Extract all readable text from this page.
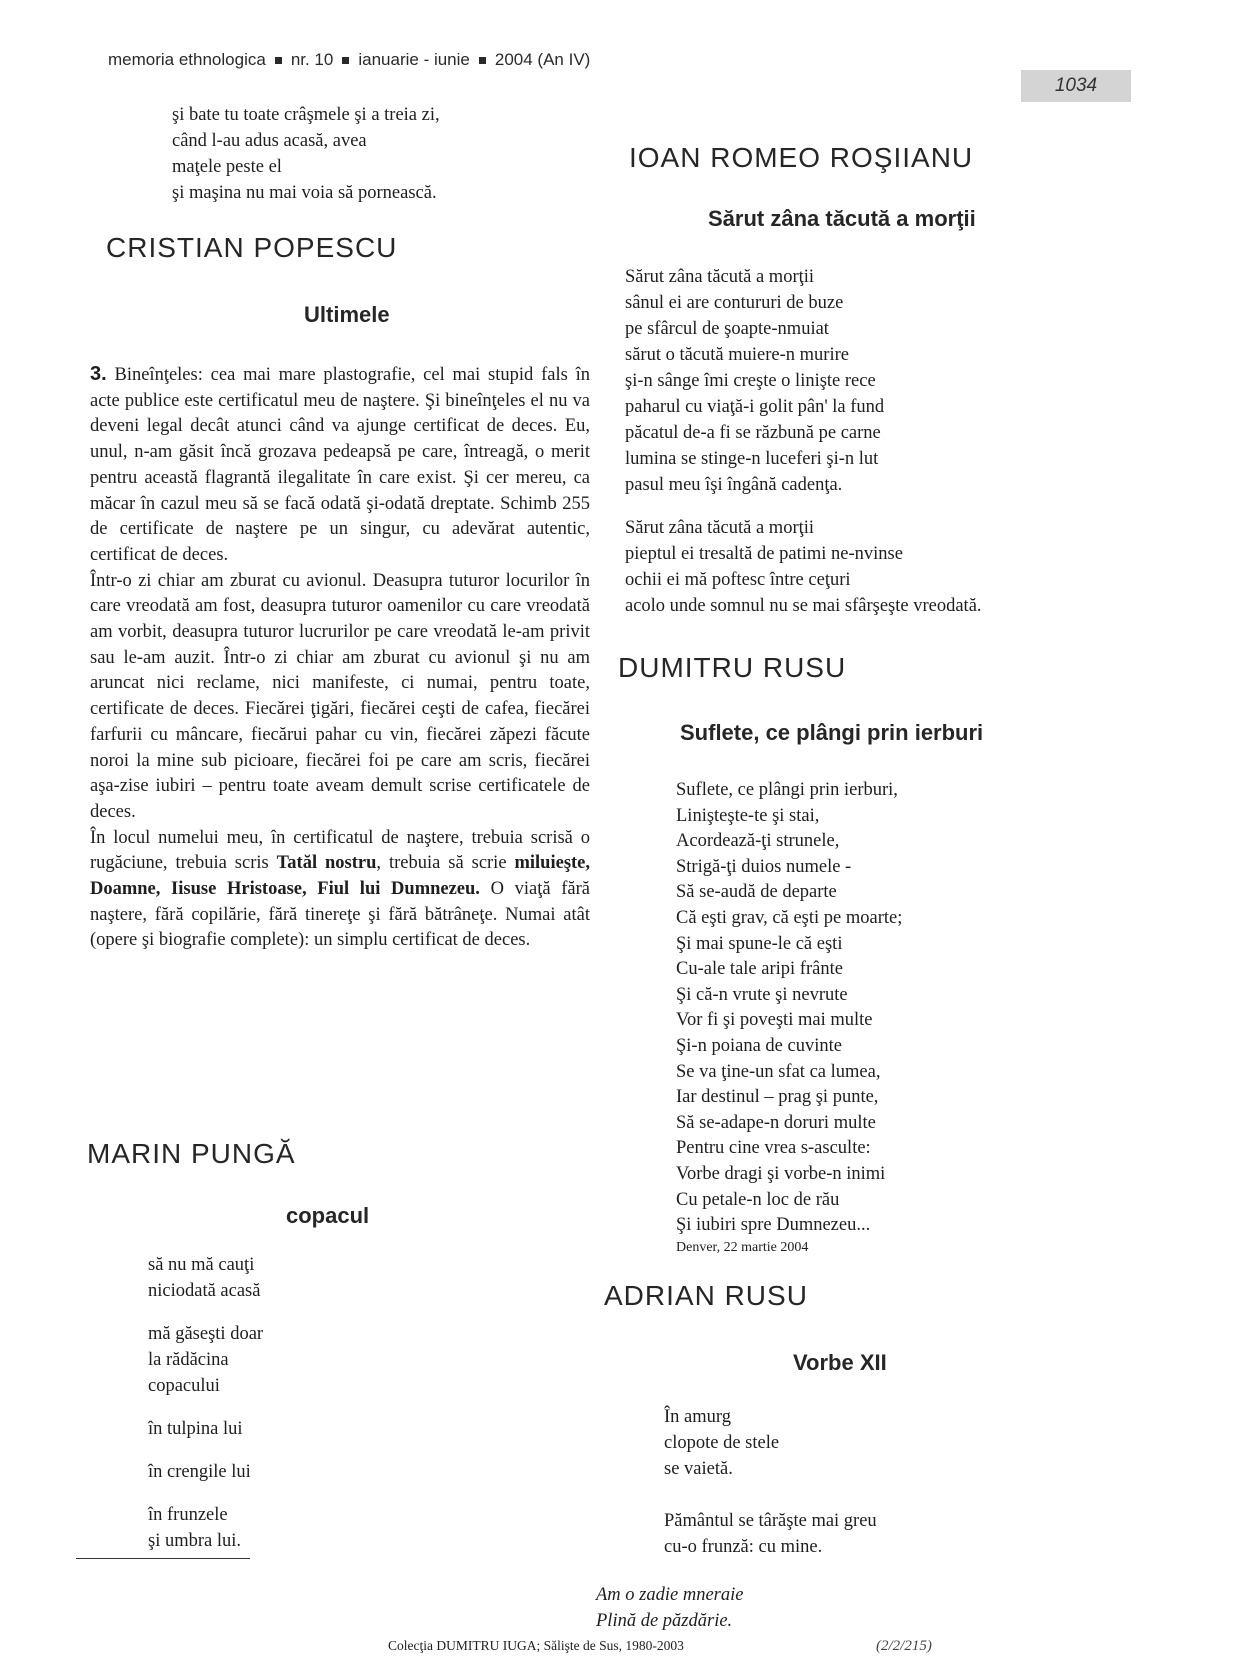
memoria ethnologica nr. 10 ianuarie - iunie 2004 (An IV)
1034
şi bate tu toate crâşmele şi a treia zi,
când l-au adus acasă, avea
maţele peste el
şi maşina nu mai voia să pornească.
CRISTIAN POPESCU
Ultimele

3. Bineînţeles: cea mai mare plastografie, cel mai stupid fals în acte publice este certificatul meu de naştere. Şi bineînţeles el nu va deveni legal decât atunci când va ajunge certificat de deces. Eu, unul, n-am găsit încă grozava pedeapsă pe care, întreagă, o merit pentru această flagrantă ilegalitate în care exist. Şi cer mereu, ca măcar în cazul meu să se facă odată şi-odată dreptate. Schimb 255 de certificate de naştere pe un singur, cu adevărat autentic, certificat de deces.

Într-o zi chiar am zburat cu avionul. Deasupra tuturor locurilor în care vreodată am fost, deasupra tuturor oamenilor cu care vreodată am vorbit, deasupra tuturor lucrurilor pe care vreodată le-am privit sau le-am auzit. Într-o zi chiar am zburat cu avionul şi nu am aruncat nici reclame, nici manifeste, ci numai, pentru toate, certificate de deces. Fiecărei ţigări, fiecărei ceşti de cafea, fiecărei farfurii cu mâncare, fiecărui pahar cu vin, fiecărei zăpezi făcute noroi la mine sub picioare, fiecărei foi pe care am scris, fiecărei aşa-zise iubiri – pentru toate aveam demult scrise certificatele de deces.

În locul numelui meu, în certificatul de naştere, trebuia scrisă o rugăciune, trebuia scris Tatăl nostru, trebuia să scrie miluieşte, Doamne, Iisuse Hristoase, Fiul lui Dumnezeu. O viaţă fără naştere, fără copilărie, fără tinereţe şi fără bătrâneţe. Numai atât (opere şi biografie complete): un simplu certificat de deces.

MARIN PUNGĂ
copacul
să nu mă cauţi
niciodată acasă
mă găseşti doar
la rădăcina
copacului
în tulpina lui
în crengile lui
în frunzele
şi umbra lui.
IOAN ROMEO ROŞIIANU
Sărut zâna tăcută a morţii
Sărut zâna tăcută a morţii
sânul ei are contururi de buze
pe sfârcul de şoapte-nmuiat
sărut o tăcută muiere-n murire
şi-n sânge îmi creşte o linişte rece
paharul cu viaţă-i golit pân' la fund
păcatul de-a fi se răzbună pe carne
lumina se stinge-n luceferi şi-n lut
pasul meu îşi îngână cadenţa.
Sărut zâna tăcută a morţii
pieptul ei tresaltă de patimi ne-nvinse
ochii ei mă poftesc între ceţuri
acolo unde somnul nu se mai sfârşeşte vreodată.
DUMITRU RUSU
Suflete, ce plângi prin ierburi
Suflete, ce plângi prin ierburi,
Linişteşte-te şi stai,
Acordează-ţi strunele,
Strigă-ţi duios numele -
Să se-audă de departe
Că eşti grav, că eşti pe moarte;
Şi mai spune-le că eşti
Cu-ale tale aripi frânte
Şi că-n vrute şi nevrute
Vor fi şi poveşti mai multe
Şi-n poiana de cuvinte
Se va ţine-un sfat ca lumea,
Iar destinul – prag şi punte,
Să se-adape-n doruri multe
Pentru cine vrea s-asculte:
Vorbe dragi şi vorbe-n inimi
Cu petale-n loc de rău
Şi iubiri spre Dumnezeu...
Denver, 22 martie 2004
ADRIAN RUSU
Vorbe XII
În amurg
clopote de stele
se vaietă.
Pământul se târăşte mai greu
cu-o frunză: cu mine.
Am o zadie mneraie
Plină de păzdărie.
Colecţia DUMITRU IUGA; Sălişte de Sus, 1980-2003	(2/2/215)
